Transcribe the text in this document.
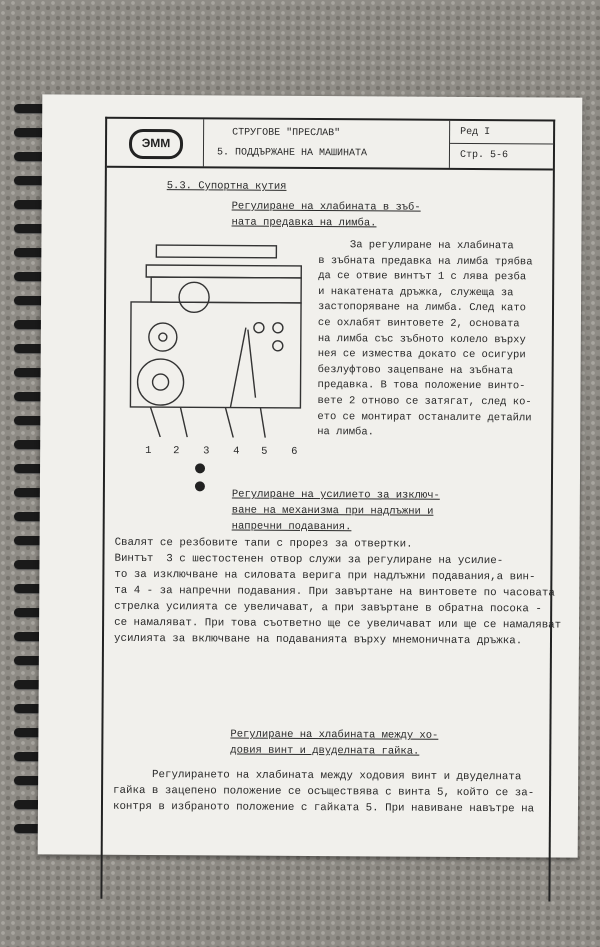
ЭММ
СТРУГОВЕ "ПРЕСЛАВ"
5. ПОДДЪРЖАНЕ НА МАШИНАТА
Ред I
Стр. 5-6
5.3. Супортна кутия
Регулиране на хлабината в зъб-
ната предавка на лимба.
За регулиране на хлабината
в зъбната предавка на лимба трябва
да се отвие винтът 1 с лява резба
и накатената дръжка, служеща за
застопоряване на лимба. След като
се охлабят винтовете 2, основата
на лимба със зъбното колело върху
нея се измества докато се осигури
безлуфтово зацепване на зъбната
предавка. В това положение винто-
вете 2 отново се затягат, след ко-
ето се монтират останалите детайли
на лимба.
1 2 3 4 5 6
Регулиране на усилието за изключ-
ване на механизма при надлъжни и
напречни подавания.
Свалят се резбовите тапи с прорез за отвертки.
Винтът  3 с шестостенен отвор служи за регулиране на усилие-
то за изключване на силовата верига при надлъжни подавания,а вин-
та 4 - за напречни подавания. При завъртане на винтовете по часовата
стрелка усилията се увеличават, а при завъртане в обратна посока -
се намаляват. При това съответно ще се увеличават или ще се намаляват
усилията за включване на подаванията върху мнемоничната дръжка.
Регулиране на хлабината между хо-
довия винт и двуделната гайка.
Регулирането на хлабината между ходовия винт и двуделната
гайка в зацепено положение се осъществява с винта 5, който се за-
контря в избраното положение с гайката 5. При навиване навътре на
